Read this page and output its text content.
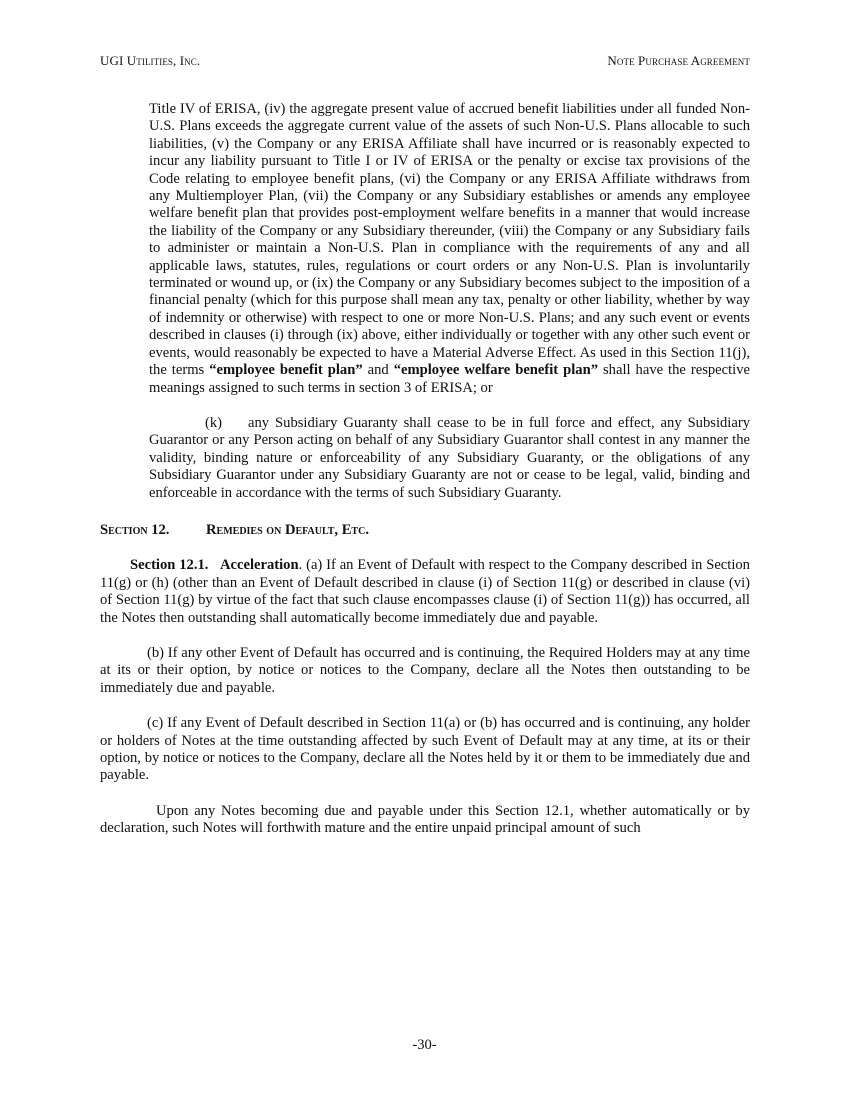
UGI Utilities, Inc.	Note Purchase Agreement

Title IV of ERISA, (iv) the aggregate present value of accrued benefit liabilities under all funded Non-U.S. Plans exceeds the aggregate current value of the assets of such Non-U.S. Plans allocable to such liabilities, (v) the Company or any ERISA Affiliate shall have incurred or is reasonably expected to incur any liability pursuant to Title I or IV of ERISA or the penalty or excise tax provisions of the Code relating to employee benefit plans, (vi) the Company or any ERISA Affiliate withdraws from any Multiemployer Plan, (vii) the Company or any Subsidiary establishes or amends any employee welfare benefit plan that provides post-employment welfare benefits in a manner that would increase the liability of the Company or any Subsidiary thereunder, (viii) the Company or any Subsidiary fails to administer or maintain a Non-U.S. Plan in compliance with the requirements of any and all applicable laws, statutes, rules, regulations or court orders or any Non-U.S. Plan is involuntarily terminated or wound up, or (ix) the Company or any Subsidiary becomes subject to the imposition of a financial penalty (which for this purpose shall mean any tax, penalty or other liability, whether by way of indemnity or otherwise) with respect to one or more Non-U.S. Plans; and any such event or events described in clauses (i) through (ix) above, either individually or together with any other such event or events, would reasonably be expected to have a Material Adverse Effect. As used in this Section 11(j), the terms “employee benefit plan” and “employee welfare benefit plan” shall have the respective meanings assigned to such terms in section 3 of ERISA; or

(k) any Subsidiary Guaranty shall cease to be in full force and effect, any Subsidiary Guarantor or any Person acting on behalf of any Subsidiary Guarantor shall contest in any manner the validity, binding nature or enforceability of any Subsidiary Guaranty, or the obligations of any Subsidiary Guarantor under any Subsidiary Guaranty are not or cease to be legal, valid, binding and enforceable in accordance with the terms of such Subsidiary Guaranty.

Section 12.	Remedies on Default, Etc.

Section 12.1. Acceleration. (a) If an Event of Default with respect to the Company described in Section 11(g) or (h) (other than an Event of Default described in clause (i) of Section 11(g) or described in clause (vi) of Section 11(g) by virtue of the fact that such clause encompasses clause (i) of Section 11(g)) has occurred, all the Notes then outstanding shall automatically become immediately due and payable.

(b) If any other Event of Default has occurred and is continuing, the Required Holders may at any time at its or their option, by notice or notices to the Company, declare all the Notes then outstanding to be immediately due and payable.

(c) If any Event of Default described in Section 11(a) or (b) has occurred and is continuing, any holder or holders of Notes at the time outstanding affected by such Event of Default may at any time, at its or their option, by notice or notices to the Company, declare all the Notes held by it or them to be immediately due and payable.

Upon any Notes becoming due and payable under this Section 12.1, whether automatically or by declaration, such Notes will forthwith mature and the entire unpaid principal amount of such

-30-
